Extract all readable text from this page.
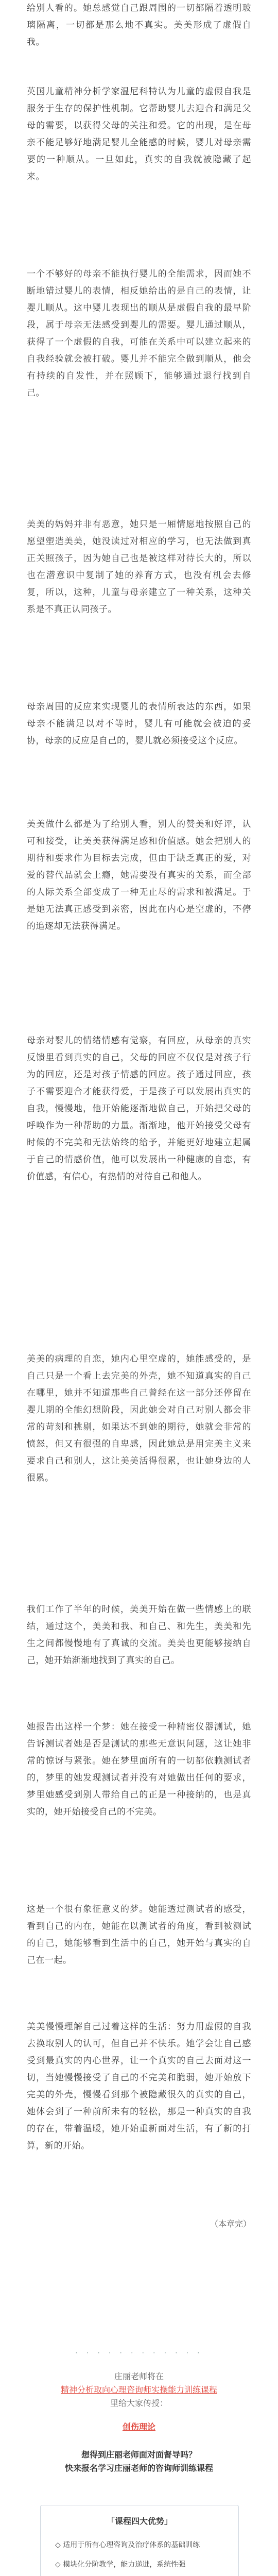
给别人看的。她总感觉自己跟周围的一切都隔着透明玻璃隔离，一切都是那么地不真实。美美形成了虚假自我。

英国儿童精神分析学家温尼科特认为儿童的虚假自我是服务于生存的保护性机制。它帮助婴儿去迎合和满足父母的需要，以获得父母的关注和爱。它的出现，是在母亲不能足够好地满足婴儿全能感的时候，婴儿对母亲需要的一种顺从。一旦如此，真实的自我就被隐藏了起来。

一个不够好的母亲不能执行婴儿的全能需求，因而她不断地错过婴儿的表情，相反她给出的是自己的表情，让婴儿顺从。这中婴儿表现出的顺从是虚假自我的最早阶段，属于母亲无法感受到婴儿的需要。婴儿通过顺从，获得了一个虚假的自我，可能在关系中可以建立起来的自我经验就会被打破。婴儿并不能完全做到顺从，他会有持续的自发性，并在照顾下，能够通过退行找到自己。

美美的妈妈并非有恶意，她只是一厢情愿地按照自己的愿望塑造美美，她没读过对相应的学习，也无法做到真正关照孩子，因为她自己也是被这样对待长大的，所以也在潜意识中复制了她的养育方式，也没有机会去修复，所以，这种，儿童与母亲建立了一种关系，这种关系是不真正认同孩子。

母亲周围的反应来实现婴儿的表情所表达的东西，如果母亲不能满足以对不等时，婴儿有可能就会被迫的妥协，母亲的反应是自己的，婴儿就必须接受这个反应。

美美做什么都是为了给别人看，别人的赞美和好评，认可和接受，让美美获得满足感和价值感。她会把别人的期待和要求作为目标去完成，但由于缺乏真正的爱，对爱的替代品就会上瘾，她需要没有真实的关系，而全部的人际关系全部变成了一种无止尽的需求和被满足。于是她无法真正感受到亲密，因此在内心是空虚的，不停的追逐却无法获得满足。

母亲对婴儿的情绪情感有觉察，有回应，从母亲的真实反馈里看到真实的自己，父母的回应不仅仅是对孩子行为的回应，还是对孩子情感的回应。孩子通过回应，孩子不需要迎合才能获得爱，于是孩子可以发展出真实的自我，慢慢地，他开始能逐渐地做自己，开始把父母的呼唤作为一种帮助的力量。渐渐地，他开始接受父母有时候的不完美和无法始终的给予，并能更好地建立起属于自己的情感价值，他可以发展出一种健康的自恋，有价值感，有信心，有热情的对待自己和他人。

美美的病理的自恋，她内心里空虚的，她能感受的，是自己只是一个看上去完美的外壳，她不知道真实的自己在哪里，她并不知道那些自己曾经在这一部分还停留在婴儿期的全能幻想阶段，因此她会对自己对别人都会非常的苛刻和挑剔，如果达不到她的期待，她就会非常的愤怒，但又有很强的自卑感，因此她总是用完美主义来要求自己和别人，这让美美活得很累，也让她身边的人很累。

我们工作了半年的时候，美美开始在做一些情感上的联结，通过这个，美美和我、和自己、和先生，美美和先生之间都慢慢地有了真诚的交流。美美也更能够接纳自己，她开始渐渐地找到了真实的自己。

她报告出这样一个梦：她在接受一种精密仪器测试，她告诉测试者她是否是测试的那些无意识问题，这让她非常的惊讶与紧张。她在梦里面所有的一切都依赖测试者的，梦里的她发现测试者并没有对她做出任何的要求，梦里她感受到别人带给自己的正是一种接纳的，也是真实的，她开始接受自己的不完美。

这是一个很有象征意义的梦。她能透过测试者的感受，看到自己的内在，她能在以测试者的角度，看到被测试的自己，她能够看到生活中的自己，她开始与真实的自己在一起。

美美慢慢理解自己过着这样的生活：努力用虚假的自我去换取别人的认可，但自己并不快乐。她学会让自己感受到最真实的内心世界，让一个真实的自己去面对这一切，当她慢慢接受了自己的不完美和脆弱，她开始放下完美的外壳，慢慢看到那个被隐藏很久的真实的自己，她体会到了一种前所未有的轻松，那是一种真实的自我的存在，带着温暖，她开始重新面对生活，有了新的打算，新的开始。

（本章完）

· · · · · · · · · · · ·
庄丽老师将在
精神分析取向心理咨询师实操能力训练课程
里给大家传授：
创伤理论
想得到庄丽老师面对面督导吗？
快来报名学习庄丽老师的咨询师训练课程
「课程四大优势」
◇ 适用于所有心理咨询及治疗体系的基础训练
◇ 模块化分阶教学，能力递进，系统性强
